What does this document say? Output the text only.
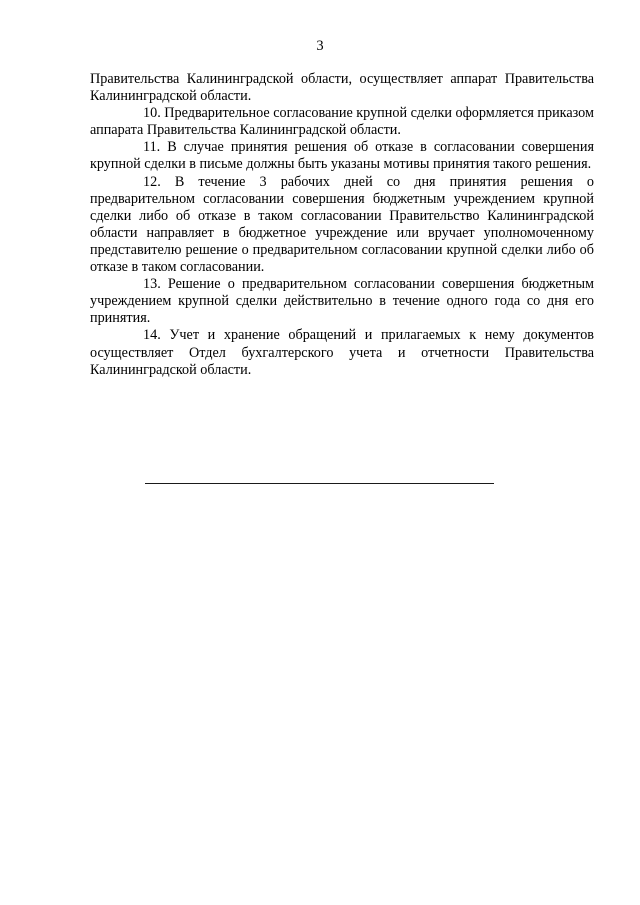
3

Правительства Калининградской области, осуществляет аппарат Правительства Калининградской области.

10. Предварительное согласование крупной сделки оформляется приказом аппарата Правительства Калининградской области.

11. В случае принятия решения об отказе в согласовании совершения крупной сделки в письме должны быть указаны мотивы принятия такого решения.

12. В течение 3 рабочих дней со дня принятия решения о предварительном согласовании совершения бюджетным учреждением крупной сделки либо об отказе в таком согласовании Правительство Калининградской области направляет в бюджетное учреждение или вручает уполномоченному представителю решение о предварительном согласовании крупной сделки либо об отказе в таком согласовании.

13. Решение о предварительном согласовании совершения бюджетным учреждением крупной сделки действительно в течение одного года со дня его принятия.

14. Учет и хранение обращений и прилагаемых к нему документов осуществляет Отдел бухгалтерского учета и отчетности Правительства Калининградской области.
